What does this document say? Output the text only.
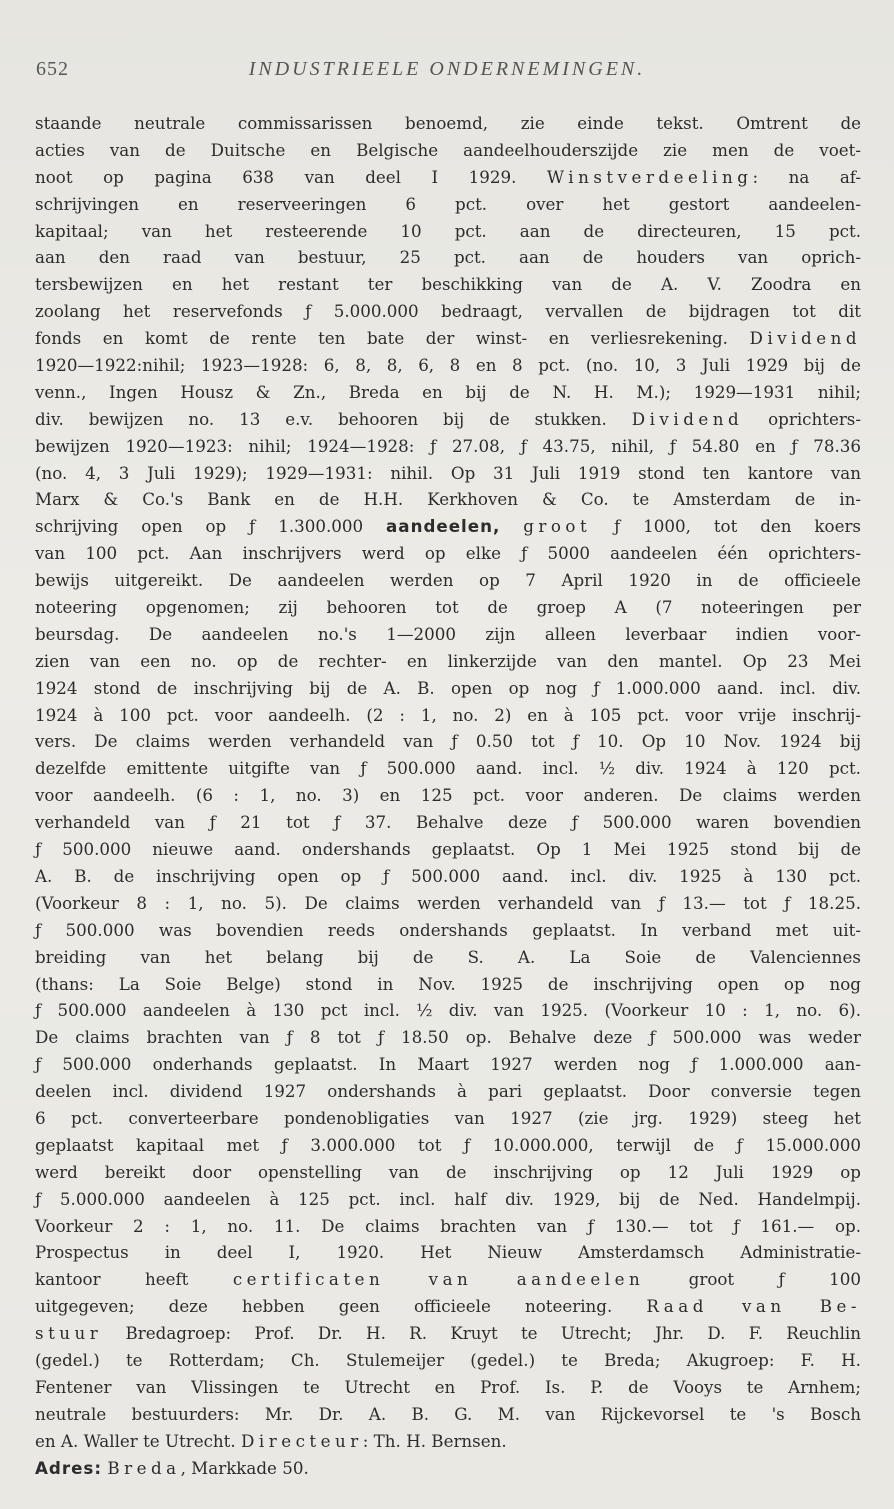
652	INDUSTRIEELE ONDERNEMINGEN.
staande neutrale commissarissen benoemd, zie einde tekst. Omtrent de
acties van de Duitsche en Belgische aandeelhouderszijde zie men de voet-
noot op pagina 638 van deel I 1929. Winstverdeeling: na af-
schrijvingen en reserveeringen 6 pct. over het gestort aandeelen-
kapitaal; van het resteerende 10 pct. aan de directeuren, 15 pct.
aan den raad van bestuur, 25 pct. aan de houders van oprich-
tersbewijzen en het restant ter beschikking van de A. V. Zoodra en
zoolang het reservefonds ƒ 5.000.000 bedraagt, vervallen de bijdragen tot dit
fonds en komt de rente ten bate der winst- en verliesrekening. Dividend
1920—1922:nihil; 1923—1928: 6, 8, 8, 6, 8 en 8 pct. (no. 10, 3 Juli 1929 bij de
venn., Ingen Housz & Zn., Breda en bij de N. H. M.); 1929—1931 nihil;
div. bewijzen no. 13 e.v. behooren bij de stukken. Dividend oprichters-
bewijzen 1920—1923: nihil; 1924—1928: ƒ 27.08, ƒ 43.75, nihil, ƒ 54.80 en ƒ 78.36
(no. 4, 3 Juli 1929); 1929—1931: nihil. Op 31 Juli 1919 stond ten kantore van
Marx & Co.'s Bank en de H.H. Kerkhoven & Co. te Amsterdam de in-
schrijving open op ƒ 1.300.000 aandeelen, groot ƒ 1000, tot den koers
van 100 pct. Aan inschrijvers werd op elke ƒ 5000 aandeelen één oprichters-
bewijs uitgereikt. De aandeelen werden op 7 April 1920 in de officieele
noteering opgenomen; zij behooren tot de groep A (7 noteeringen per
beursdag. De aandeelen no.'s 1—2000 zijn alleen leverbaar indien voor-
zien van een no. op de rechter- en linkerzijde van den mantel. Op 23 Mei
1924 stond de inschrijving bij de A. B. open op nog ƒ 1.000.000 aand. incl. div.
1924 à 100 pct. voor aandeelh. (2 : 1, no. 2) en à 105 pct. voor vrije inschrij-
vers. De claims werden verhandeld van ƒ 0.50 tot ƒ 10. Op 10 Nov. 1924 bij
dezelfde emittente uitgifte van ƒ 500.000 aand. incl. ½ div. 1924 à 120 pct.
voor aandeelh. (6 : 1, no. 3) en 125 pct. voor anderen. De claims werden
verhandeld van ƒ 21 tot ƒ 37. Behalve deze ƒ 500.000 waren bovendien
ƒ 500.000 nieuwe aand. ondershands geplaatst. Op 1 Mei 1925 stond bij de
A. B. de inschrijving open op ƒ 500.000 aand. incl. div. 1925 à 130 pct.
(Voorkeur 8 : 1, no. 5). De claims werden verhandeld van ƒ 13.— tot ƒ 18.25.
ƒ 500.000 was bovendien reeds ondershands geplaatst. In verband met uit-
breiding van het belang bij de S. A. La Soie de Valenciennes
(thans: La Soie Belge) stond in Nov. 1925 de inschrijving open op nog
ƒ 500.000 aandeelen à 130 pct incl. ½ div. van 1925. (Voorkeur 10 : 1, no. 6).
De claims brachten van ƒ 8 tot ƒ 18.50 op. Behalve deze ƒ 500.000 was weder
ƒ 500.000 onderhands geplaatst. In Maart 1927 werden nog ƒ 1.000.000 aan-
deelen incl. dividend 1927 ondershands à pari geplaatst. Door conversie tegen
6 pct. converteerbare pondenobligaties van 1927 (zie jrg. 1929) steeg het
geplaatst kapitaal met ƒ 3.000.000 tot ƒ 10.000.000, terwijl de ƒ 15.000.000
werd bereikt door openstelling van de inschrijving op 12 Juli 1929 op
ƒ 5.000.000 aandeelen à 125 pct. incl. half div. 1929, bij de Ned. Handelmpij.
Voorkeur 2 : 1, no. 11. De claims brachten van ƒ 130.— tot ƒ 161.— op.
Prospectus in deel I, 1920. Het Nieuw Amsterdamsch Administratie-
kantoor heeft certificaten	van	aandeelen groot ƒ 100
uitgegeven; deze hebben geen officieele noteering. Raad van Be-
stuur Bredagroep: Prof. Dr. H. R. Kruyt te Utrecht; Jhr. D. F. Reuchlin
(gedel.) te Rotterdam; Ch. Stulemeijer (gedel.) te Breda; Akugroep: F. H.
Fentener van Vlissingen te Utrecht en Prof. Is. P. de Vooys te Arnhem;
neutrale bestuurders: Mr. Dr. A. B. G. M. van Rijckevorsel te 's Bosch
en A. Waller te Utrecht. Directeur: Th. H. Bernsen.
Adres: Breda, Markkade 50.
